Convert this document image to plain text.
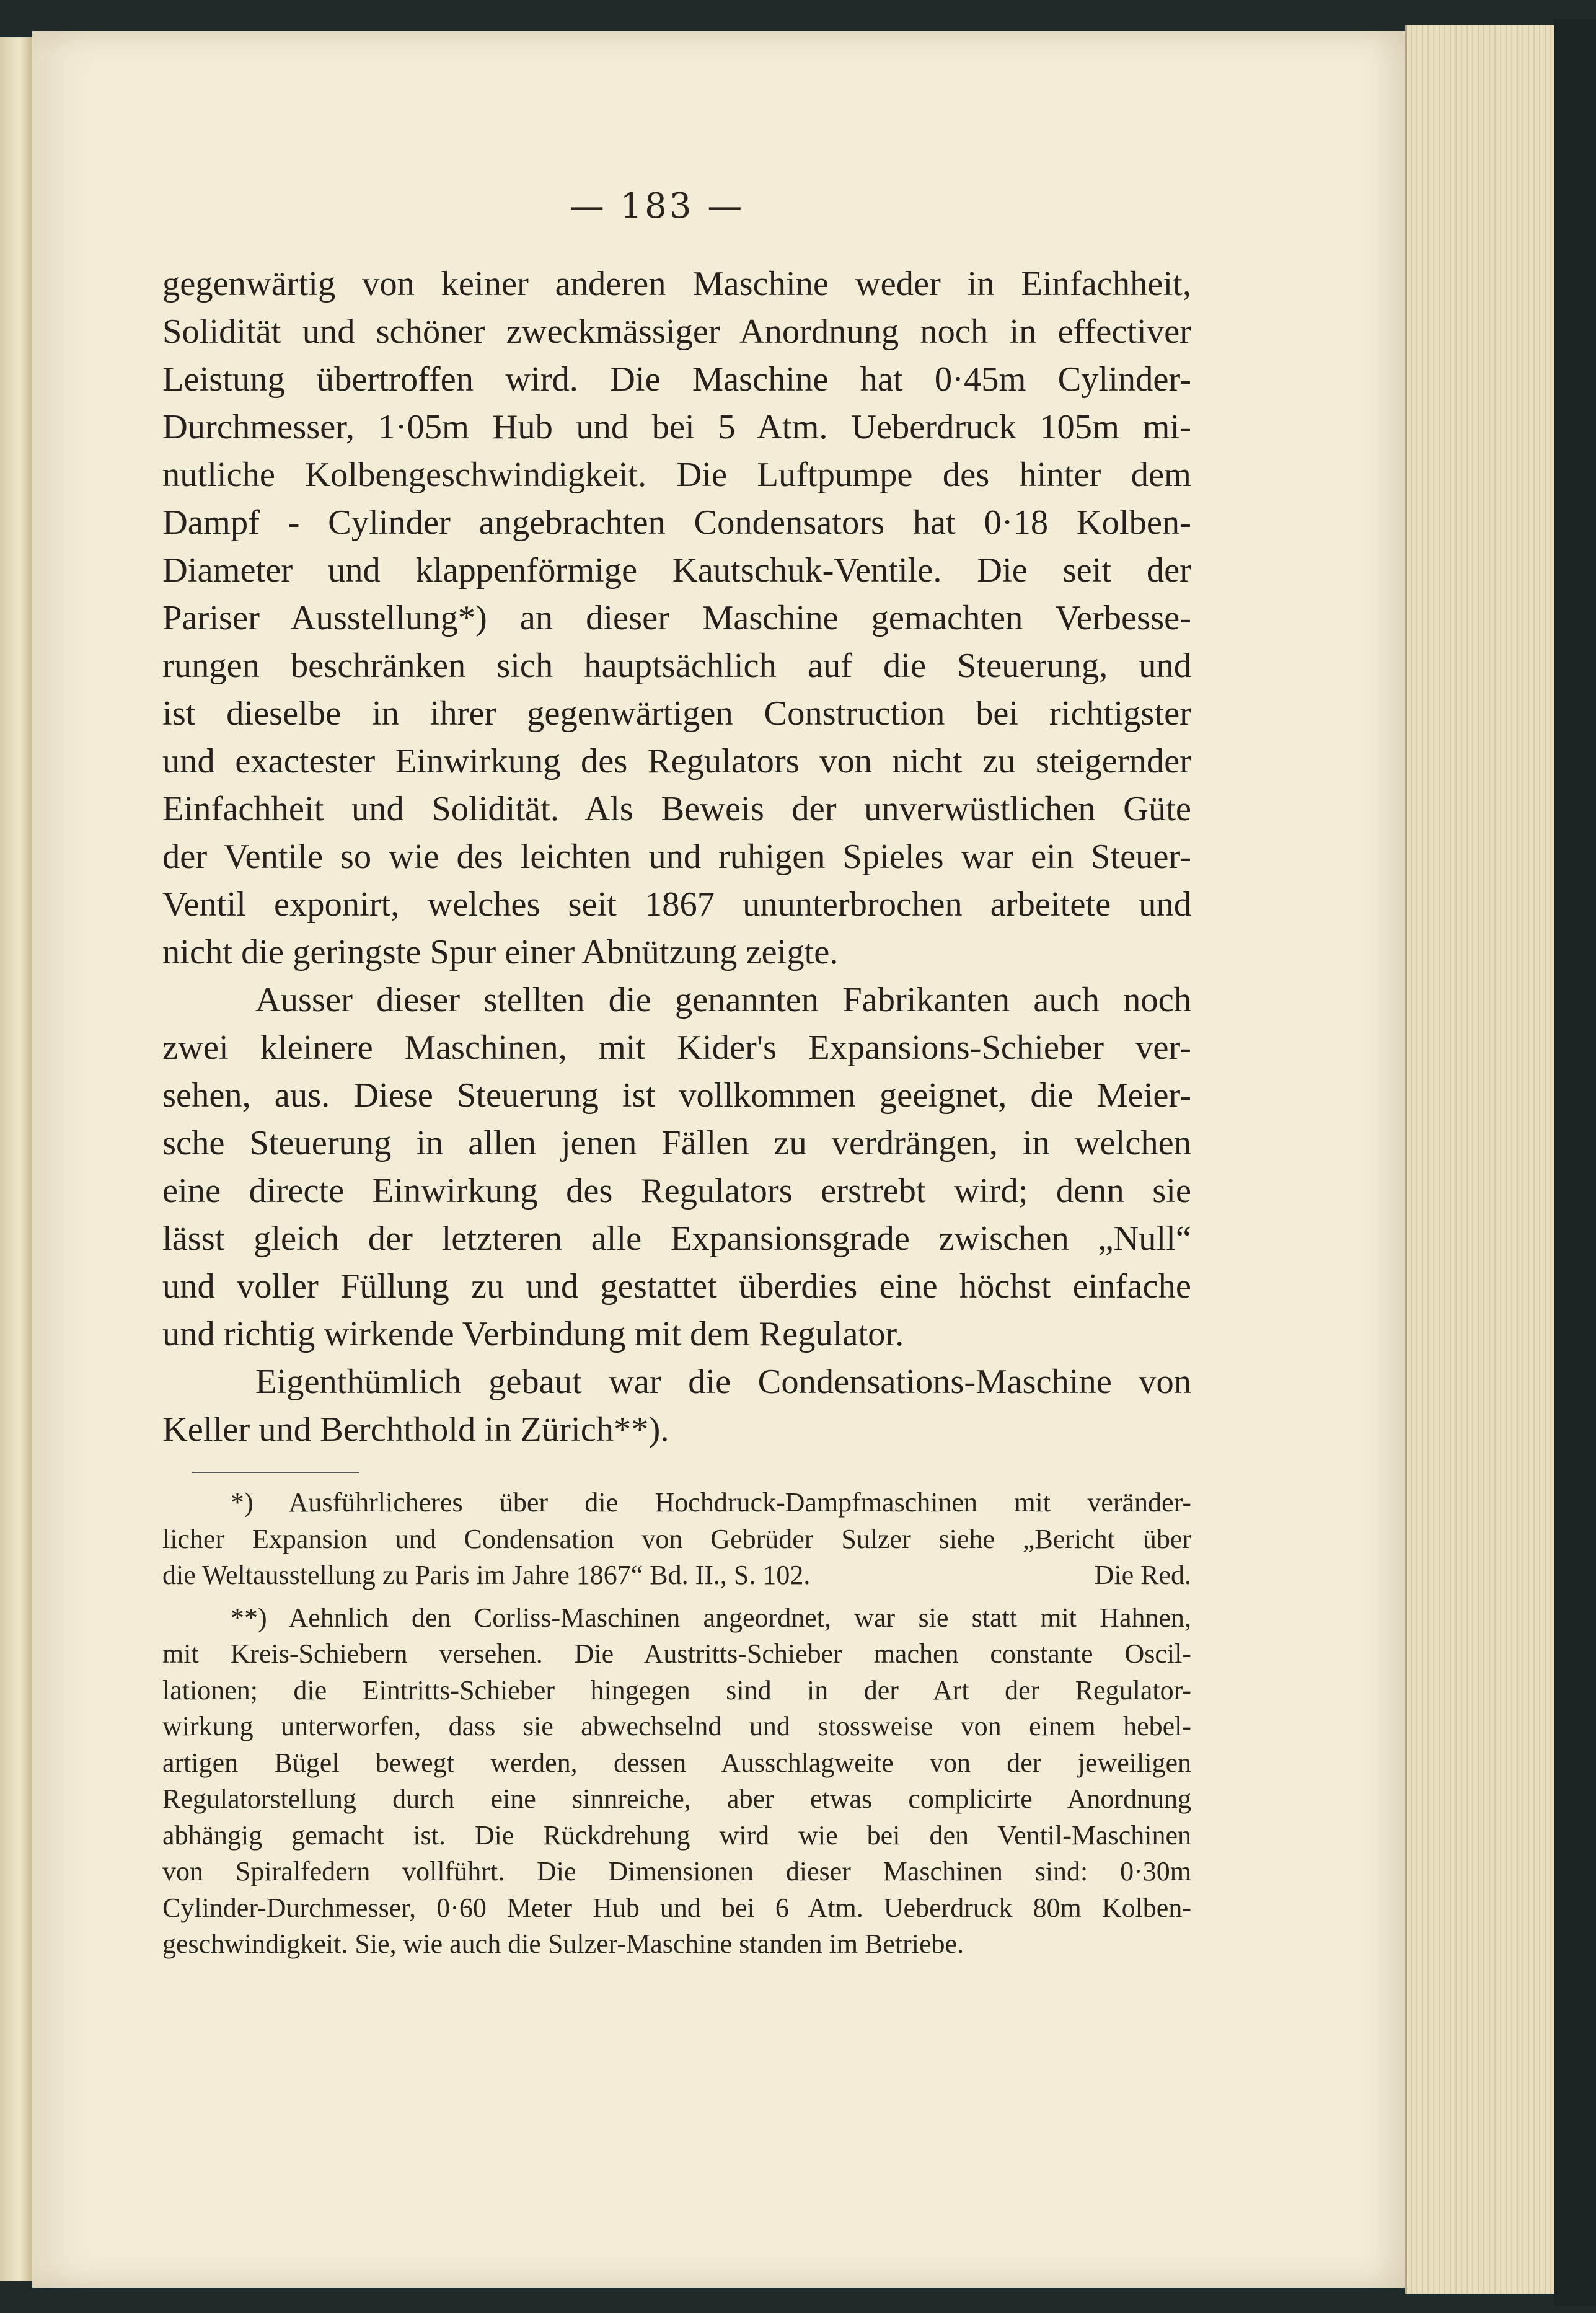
— 183 —
gegenwärtig von keiner anderen Maschine weder in Einfachheit,
Solidität und schöner zweckmässiger Anordnung noch in effectiver
Leistung übertroffen wird. Die Maschine hat 0·45m Cylinder-
Durchmesser, 1·05m Hub und bei 5 Atm. Ueberdruck 105m mi-
nutliche Kolbengeschwindigkeit. Die Luftpumpe des hinter dem
Dampf - Cylinder angebrachten Condensators hat 0·18 Kolben-
Diameter und klappenförmige Kautschuk-Ventile. Die seit der
Pariser Ausstellung*) an dieser Maschine gemachten Verbesse-
rungen beschränken sich hauptsächlich auf die Steuerung, und
ist dieselbe in ihrer gegenwärtigen Construction bei richtigster
und exactester Einwirkung des Regulators von nicht zu steigernder
Einfachheit und Solidität. Als Beweis der unverwüstlichen Güte
der Ventile so wie des leichten und ruhigen Spieles war ein Steuer-
Ventil exponirt, welches seit 1867 ununterbrochen arbeitete und
nicht die geringste Spur einer Abnützung zeigte.
Ausser dieser stellten die genannten Fabrikanten auch noch
zwei kleinere Maschinen, mit Kider's Expansions-Schieber ver-
sehen, aus. Diese Steuerung ist vollkommen geeignet, die Meier-
sche Steuerung in allen jenen Fällen zu verdrängen, in welchen
eine directe Einwirkung des Regulators erstrebt wird; denn sie
lässt gleich der letzteren alle Expansionsgrade zwischen „Null“
und voller Füllung zu und gestattet überdies eine höchst einfache
und richtig wirkende Verbindung mit dem Regulator.
Eigenthümlich gebaut war die Condensations-Maschine von
Keller und Berchthold in Zürich**).
*) Ausführlicheres über die Hochdruck-Dampfmaschinen mit veränder-
licher Expansion und Condensation von Gebrüder Sulzer siehe „Bericht über
die Weltausstellung zu Paris im Jahre 1867“ Bd. II., S. 102.	Die Red.
**) Aehnlich den Corliss-Maschinen angeordnet, war sie statt mit Hahnen,
mit Kreis-Schiebern versehen. Die Austritts-Schieber machen constante Oscil-
lationen; die Eintritts-Schieber hingegen sind in der Art der Regulator-
wirkung unterworfen, dass sie abwechselnd und stossweise von einem hebel-
artigen Bügel bewegt werden, dessen Ausschlagweite von der jeweiligen
Regulatorstellung durch eine sinnreiche, aber etwas complicirte Anordnung
abhängig gemacht ist. Die Rückdrehung wird wie bei den Ventil-Maschinen
von Spiralfedern vollführt. Die Dimensionen dieser Maschinen sind: 0·30m
Cylinder-Durchmesser, 0·60 Meter Hub und bei 6 Atm. Ueberdruck 80m Kolben-
geschwindigkeit. Sie, wie auch die Sulzer-Maschine standen im Betriebe.
